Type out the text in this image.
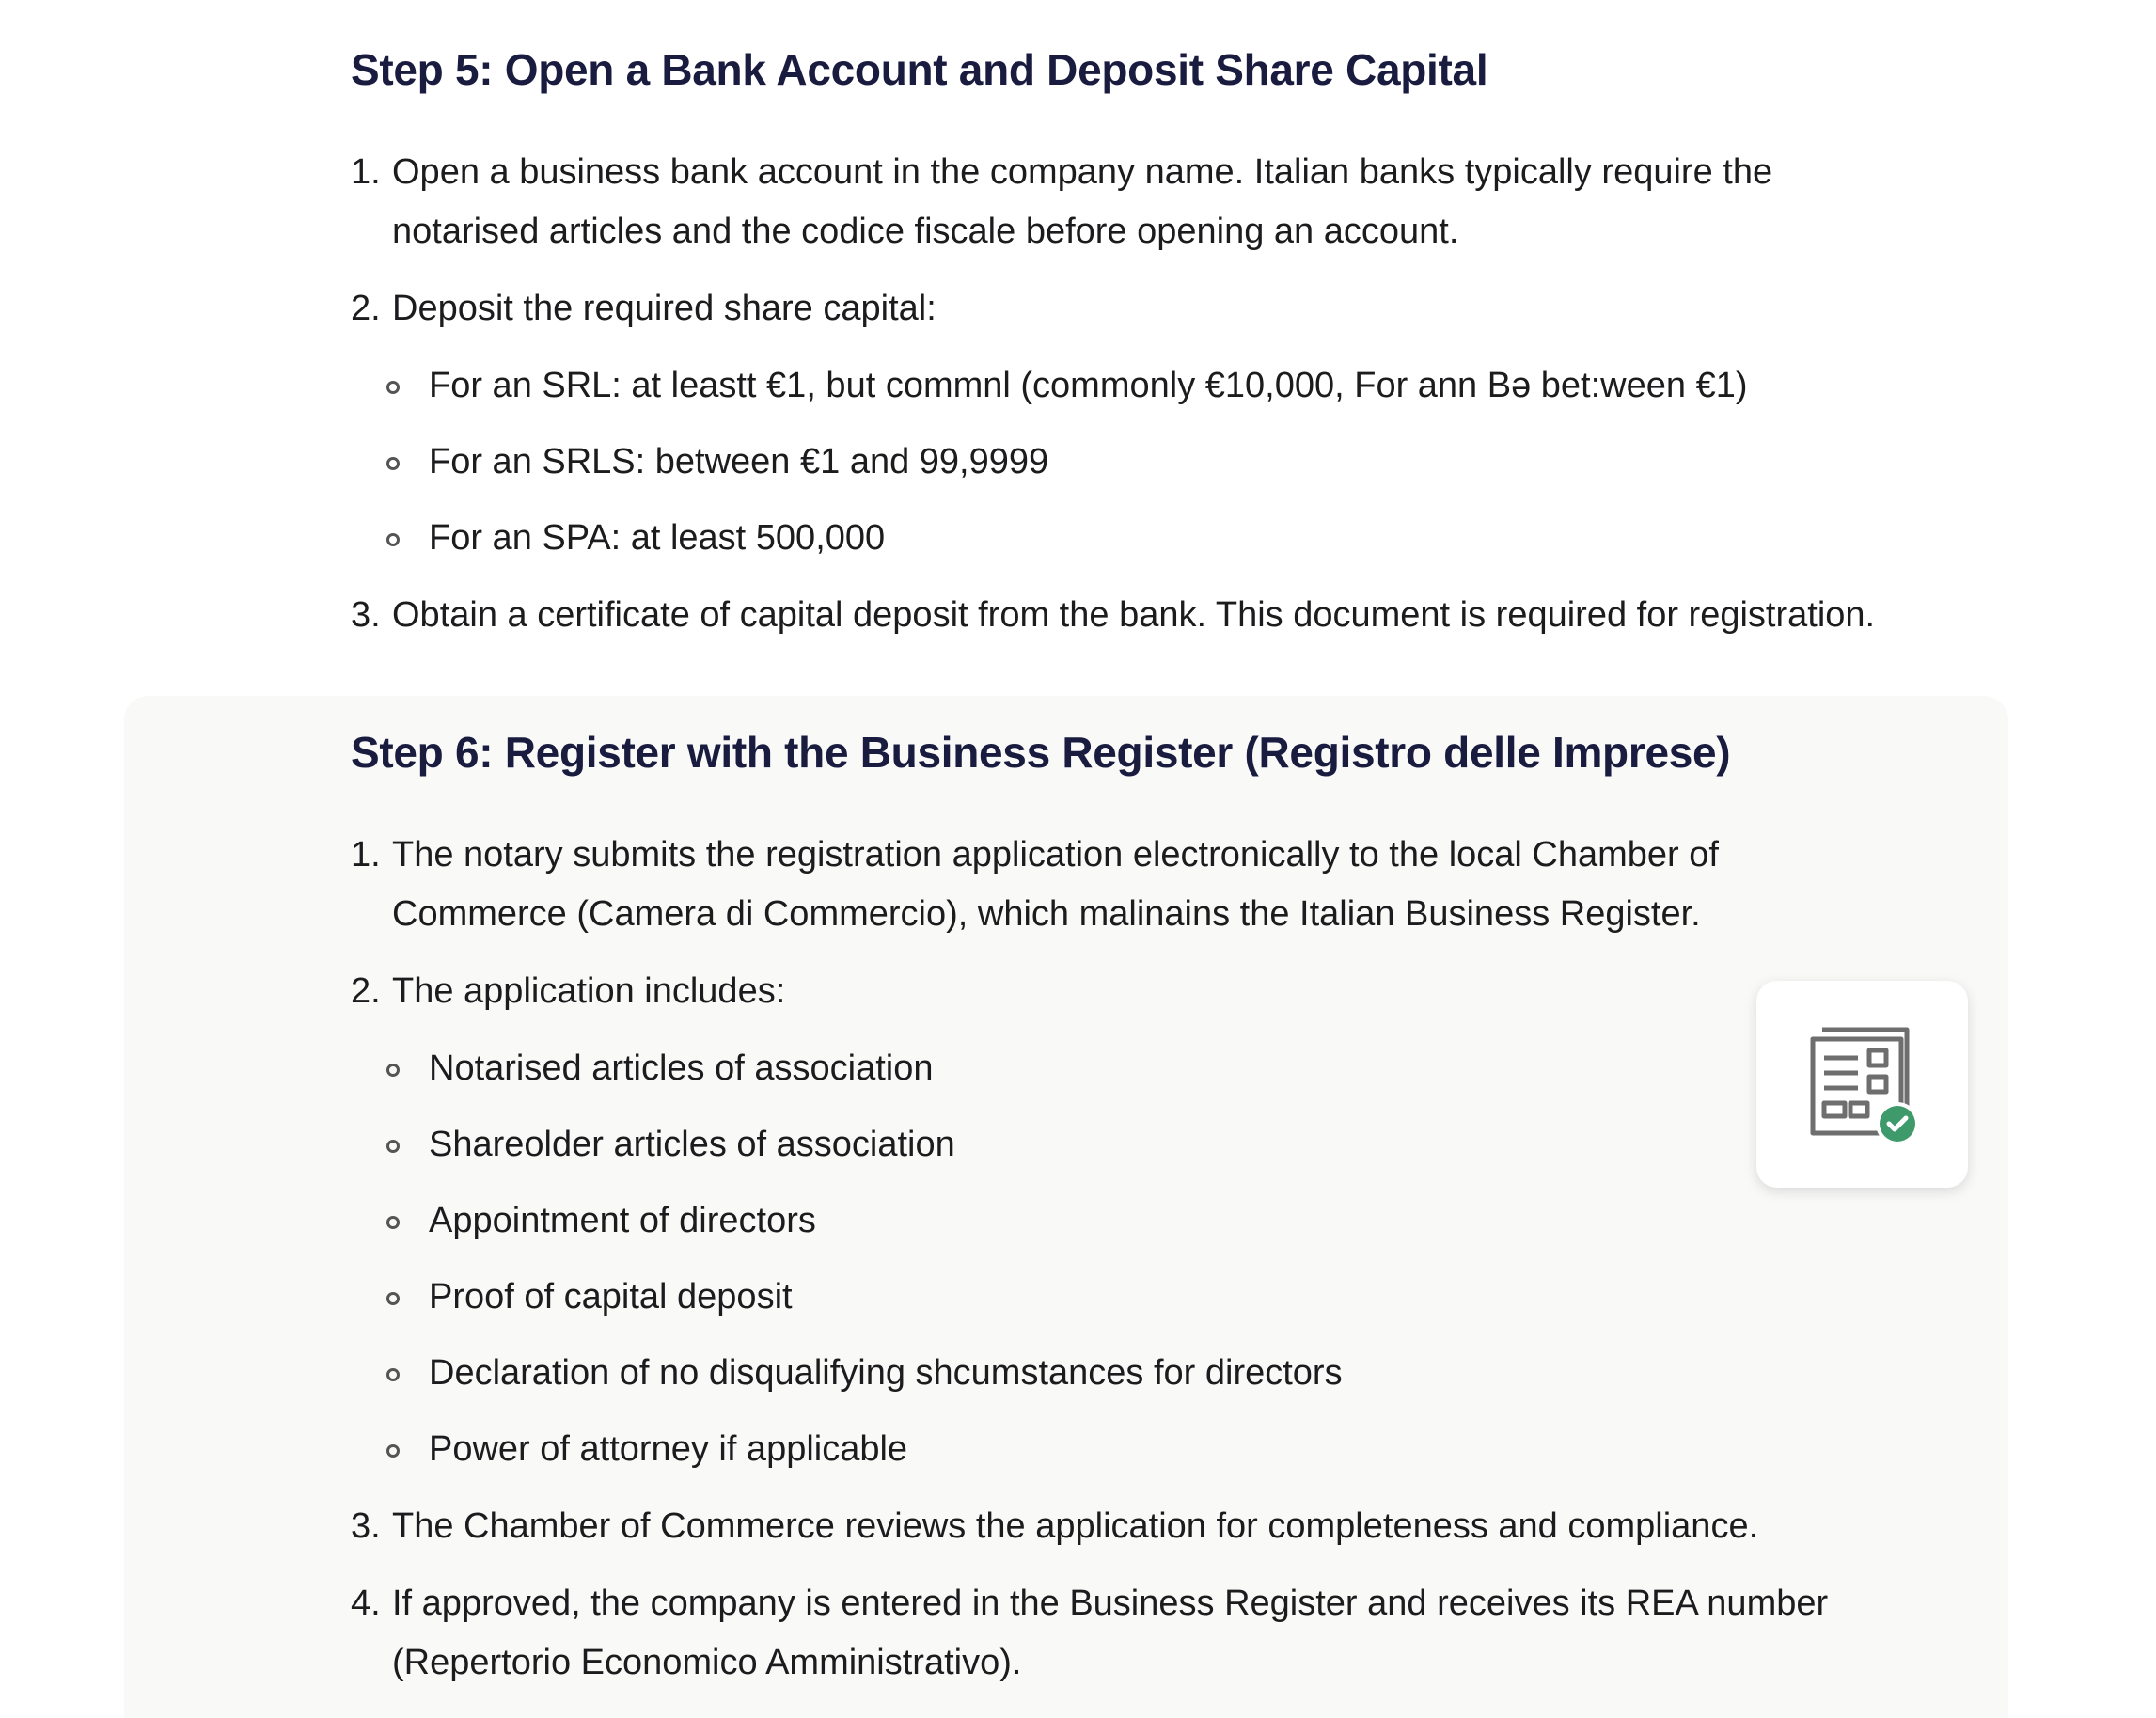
Step 5: Open a Bank Account and Deposit Share Capital
1. Open a business bank account in the company name. Italian banks typically require the notarised articles and the codice fiscale before opening an account.
2. Deposit the required share capital:
For an SRL: at leastt €1, but commnl (commonly €10,000, For ann Bə bet:ween €1)
For an SRLS: between €1 and 99,9999
For an SPA: at least 500,000
3. Obtain a certificate of capital deposit from the bank. This document is required for registration.
Step 6: Register with the Business Register (Registro delle Imprese)
1. The notary submits the registration application electronically to the local Chamber of Commerce (Camera di Commercio), which malinains the Italian Business Register.
2. The application includes:
Notarised articles of association
Shareolder articles of association
Appointment of directors
Proof of capital deposit
Declaration of no disqualifying shcumstances for directors
Power of attorney if applicable
3. The Chamber of Commerce reviews the application for completeness and compliance.
4. If approved, the company is entered in the Business Register and receives its REA number (Repertorio Economico Amministrativo).
